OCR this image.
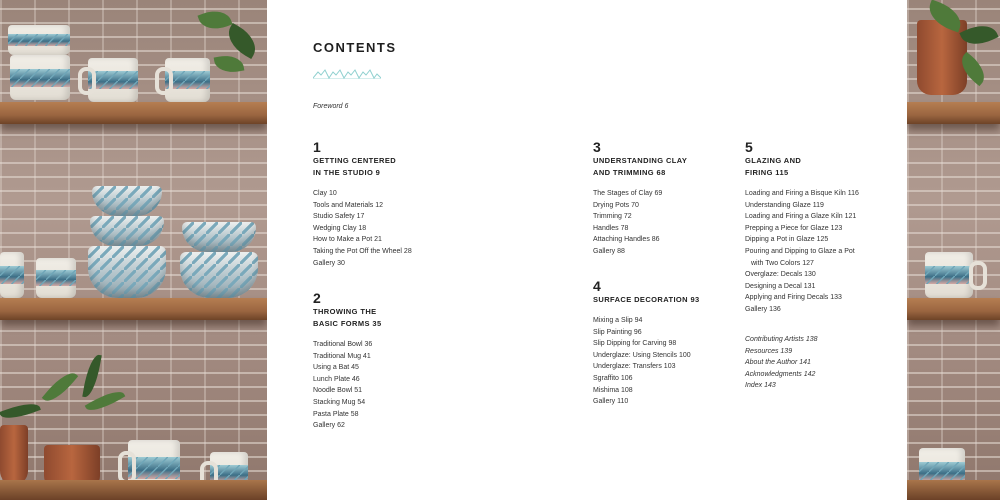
CONTENTS
Foreword 6
1
GETTING CENTERED
IN THE STUDIO 9
Clay 10
Tools and Materials 12
Studio Safety 17
Wedging Clay 18
How to Make a Pot 21
Taking the Pot Off the Wheel 28
Gallery 30
2
THROWING THE
BASIC FORMS 35
Traditional Bowl 36
Traditional Mug 41
Using a Bat 45
Lunch Plate 46
Noodle Bowl 51
Stacking Mug 54
Pasta Plate 58
Gallery 62
3
UNDERSTANDING CLAY
AND TRIMMING 68
The Stages of Clay 69
Drying Pots 70
Trimming 72
Handles 78
Attaching Handles 86
Gallery 88
4
SURFACE DECORATION 93
Mixing a Slip 94
Slip Painting 96
Slip Dipping for Carving 98
Underglaze: Using Stencils 100
Underglaze: Transfers 103
Sgraffito 106
Mishima 108
Gallery 110
5
GLAZING AND
FIRING 115
Loading and Firing a Bisque Kiln 116
Understanding Glaze 119
Loading and Firing a Glaze Kiln 121
Prepping a Piece for Glaze 123
Dipping a Pot in Glaze 125
Pouring and Dipping to Glaze a Pot
with Two Colors 127
Overglaze: Decals 130
Designing a Decal 131
Applying and Firing Decals 133
Gallery 136
Contributing Artists 138
Resources 139
About the Author 141
Acknowledgments 142
Index 143
